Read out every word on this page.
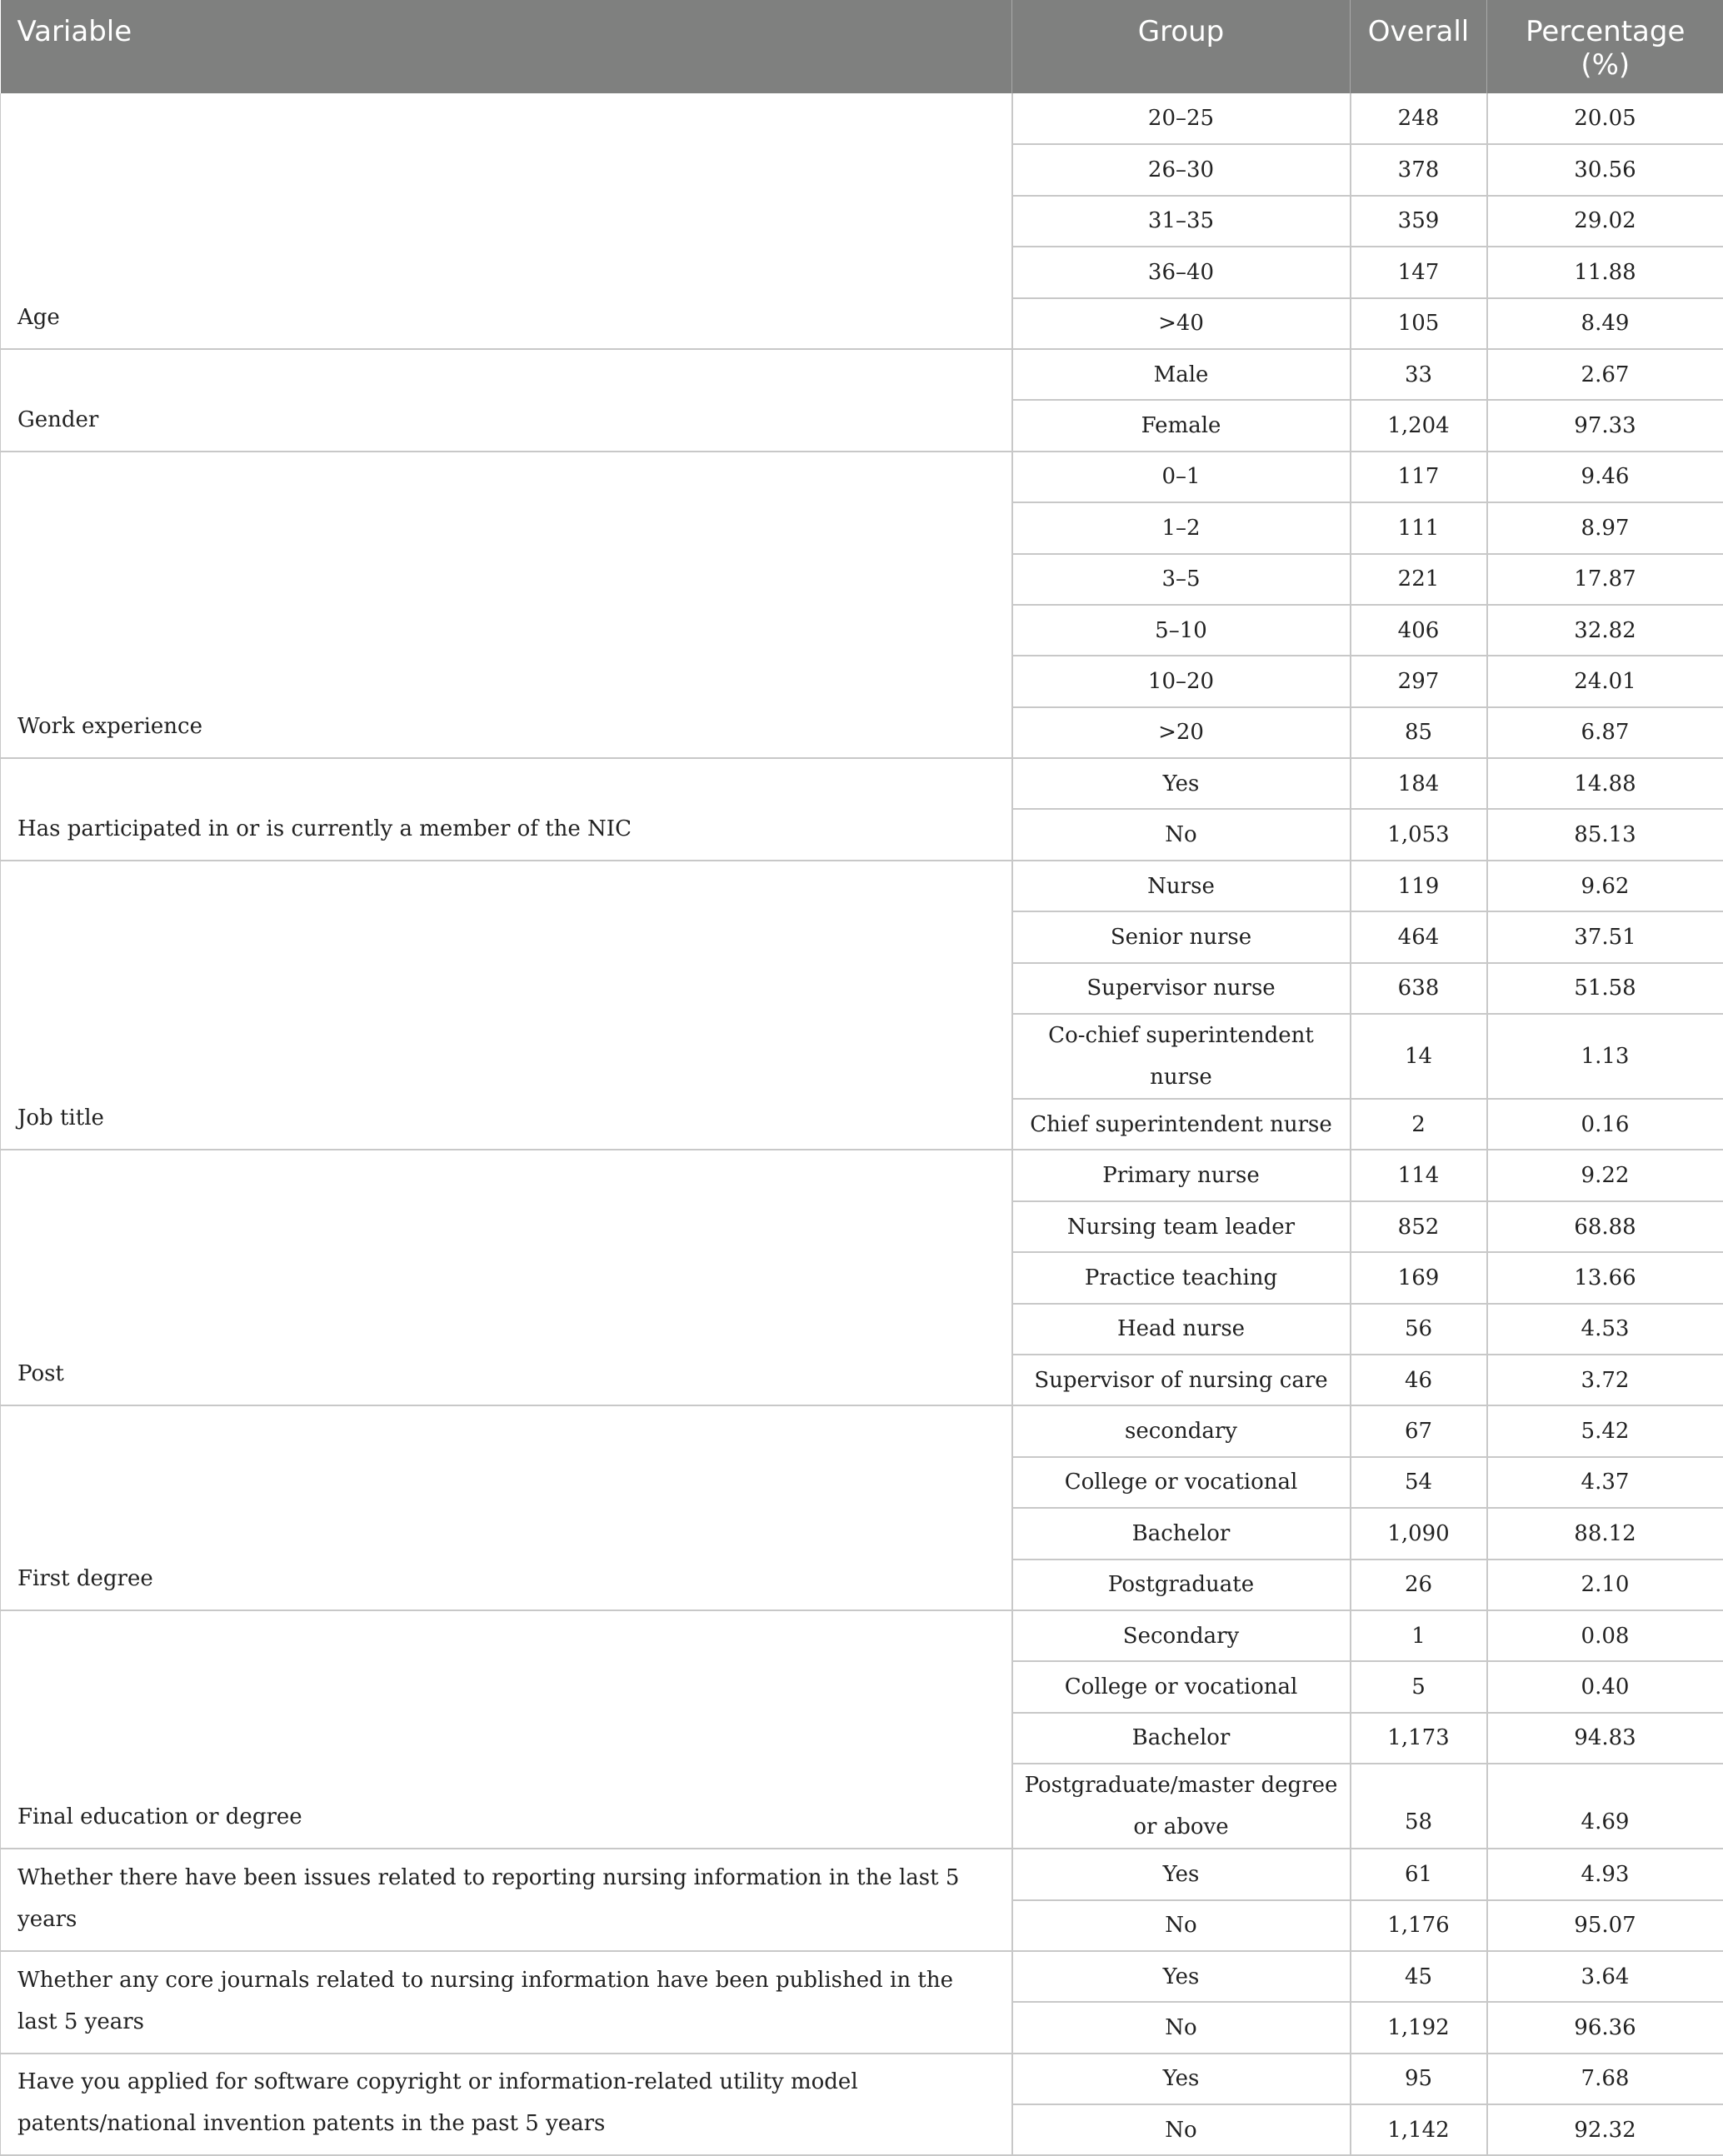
Variable	Group	Overall	Percentage (%)
Age	20–25	248	20.05
	26–30	378	30.56
	31–35	359	29.02
	36–40	147	11.88
	>40	105	8.49
Gender	Male	33	2.67
	Female	1,204	97.33
Work experience	0–1	117	9.46
	1–2	111	8.97
	3–5	221	17.87
	5–10	406	32.82
	10–20	297	24.01
	>20	85	6.87
Has participated in or is currently a member of the NIC	Yes	184	14.88
	No	1,053	85.13
Job title	Nurse	119	9.62
	Senior nurse	464	37.51
	Supervisor nurse	638	51.58
	Co-chief superintendent nurse	14	1.13
	Chief superintendent nurse	2	0.16
Post	Primary nurse	114	9.22
	Nursing team leader	852	68.88
	Practice teaching	169	13.66
	Head nurse	56	4.53
	Supervisor of nursing care	46	3.72
First degree	secondary	67	5.42
	College or vocational	54	4.37
	Bachelor	1,090	88.12
	Postgraduate	26	2.10
Final education or degree	Secondary	1	0.08
	College or vocational	5	0.40
	Bachelor	1,173	94.83
	Postgraduate/master degree or above	58	4.69
Whether there have been issues related to reporting nursing information in the last 5 years	Yes	61	4.93
	No	1,176	95.07
Whether any core journals related to nursing information have been published in the last 5 years	Yes	45	3.64
	No	1,192	96.36
Have you applied for software copyright or information-related utility model patents/national invention patents in the past 5 years	Yes	95	7.68
	No	1,142	92.32
